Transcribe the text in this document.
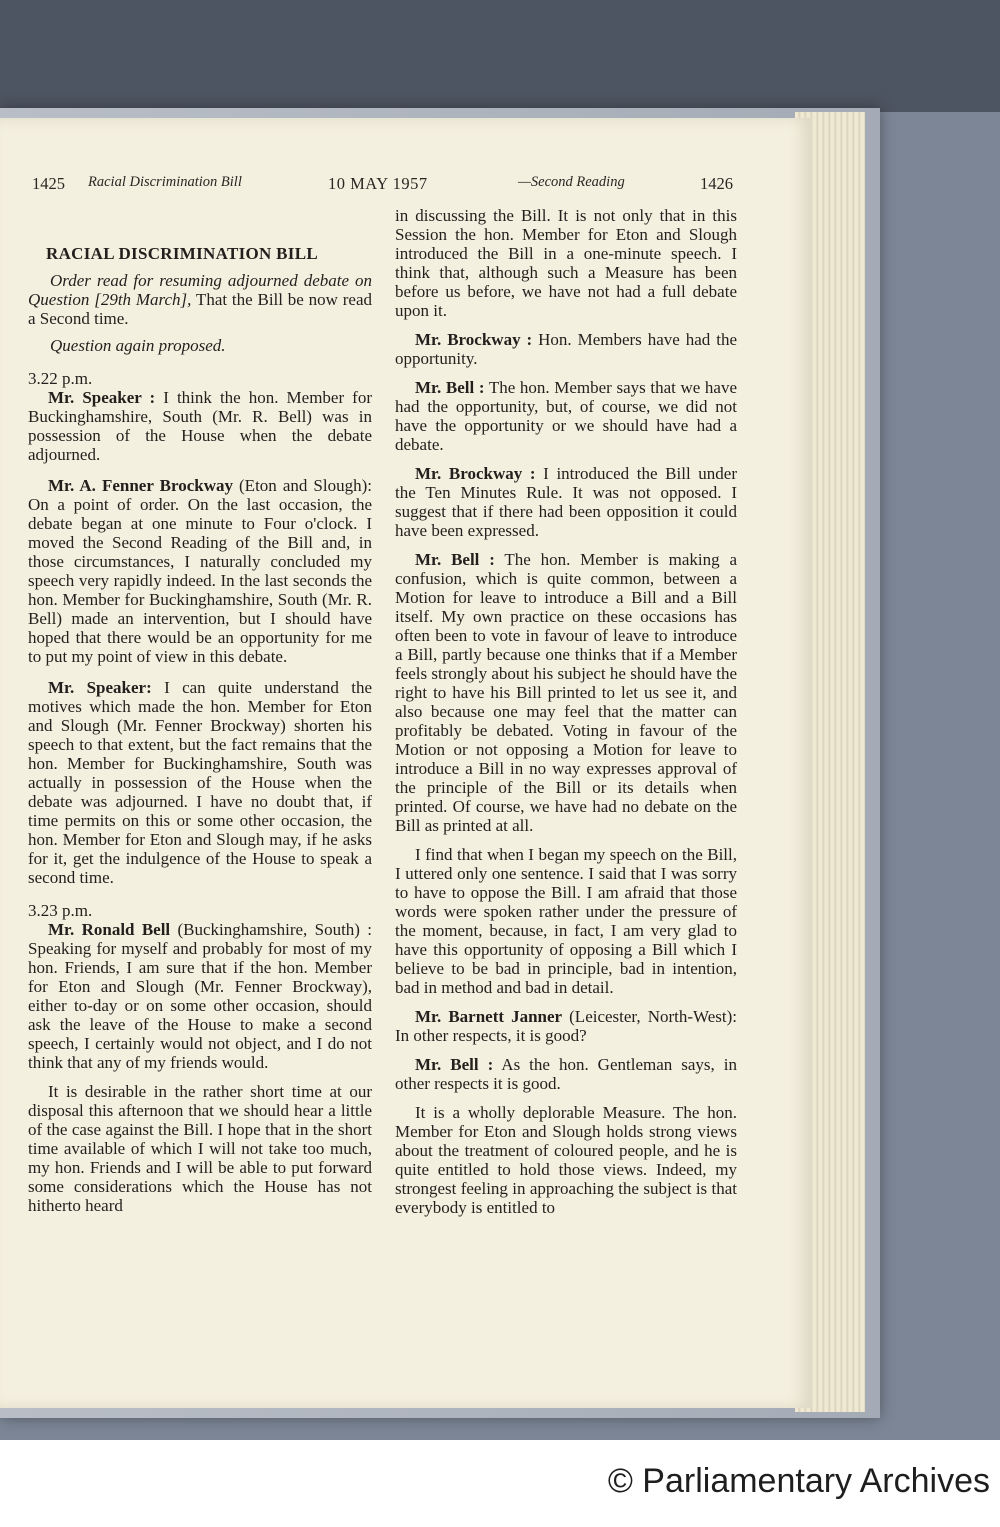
1425 Racial Discrimination Bill	10 MAY 1957	—Second Reading	1426
RACIAL DISCRIMINATION BILL

Order read for resuming adjourned debate on Question [29th March], That the Bill be now read a Second time.

Question again proposed.
3.22 p.m.

Mr. Speaker : I think the hon. Member for Buckinghamshire, South (Mr. R. Bell) was in possession of the House when the debate adjourned.

Mr. A. Fenner Brockway (Eton and Slough): On a point of order. On the last occasion, the debate began at one minute to Four o'clock. I moved the Second Reading of the Bill and, in those circumstances, I naturally concluded my speech very rapidly indeed. In the last seconds the hon. Member for Buckinghamshire, South (Mr. R. Bell) made an intervention, but I should have hoped that there would be an opportunity for me to put my point of view in this debate.

Mr. Speaker: I can quite understand the motives which made the hon. Member for Eton and Slough (Mr. Fenner Brockway) shorten his speech to that extent, but the fact remains that the hon. Member for Buckinghamshire, South was actually in possession of the House when the debate was adjourned. I have no doubt that, if time permits on this or some other occasion, the hon. Member for Eton and Slough may, if he asks for it, get the indulgence of the House to speak a second time.

3.23 p.m.

Mr. Ronald Bell (Buckinghamshire, South) : Speaking for myself and probably for most of my hon. Friends, I am sure that if the hon. Member for Eton and Slough (Mr. Fenner Brockway), either to-day or on some other occasion, should ask the leave of the House to make a second speech, I certainly would not object, and I do not think that any of my friends would.

It is desirable in the rather short time at our disposal this afternoon that we should hear a little of the case against the Bill. I hope that in the short time available of which I will not take too much, my hon. Friends and I will be able to put forward some considerations which the House has not hitherto heard

in discussing the Bill. It is not only that in this Session the hon. Member for Eton and Slough introduced the Bill in a one-minute speech. I think that, although such a Measure has been before us before, we have not had a full debate upon it.

Mr. Brockway : Hon. Members have had the opportunity.

Mr. Bell : The hon. Member says that we have had the opportunity, but, of course, we did not have the opportunity or we should have had a debate.

Mr. Brockway : I introduced the Bill under the Ten Minutes Rule. It was not opposed. I suggest that if there had been opposition it could have been expressed.

Mr. Bell : The hon. Member is making a confusion, which is quite common, between a Motion for leave to introduce a Bill and a Bill itself. My own practice on these occasions has often been to vote in favour of leave to introduce a Bill, partly because one thinks that if a Member feels strongly about his subject he should have the right to have his Bill printed to let us see it, and also because one may feel that the matter can profitably be debated. Voting in favour of the Motion or not opposing a Motion for leave to introduce a Bill in no way expresses approval of the principle of the Bill or its details when printed. Of course, we have had no debate on the Bill as printed at all.

I find that when I began my speech on the Bill, I uttered only one sentence. I said that I was sorry to have to oppose the Bill. I am afraid that those words were spoken rather under the pressure of the moment, because, in fact, I am very glad to have this opportunity of opposing a Bill which I believe to be bad in principle, bad in intention, bad in method and bad in detail.

Mr. Barnett Janner (Leicester, North-West): In other respects, it is good?

Mr. Bell : As the hon. Gentleman says, in other respects it is good.

It is a wholly deplorable Measure. The hon. Member for Eton and Slough holds strong views about the treatment of coloured people, and he is quite entitled to hold those views. Indeed, my strongest feeling in approaching the subject is that everybody is entitled to

© Parliamentary Archives
